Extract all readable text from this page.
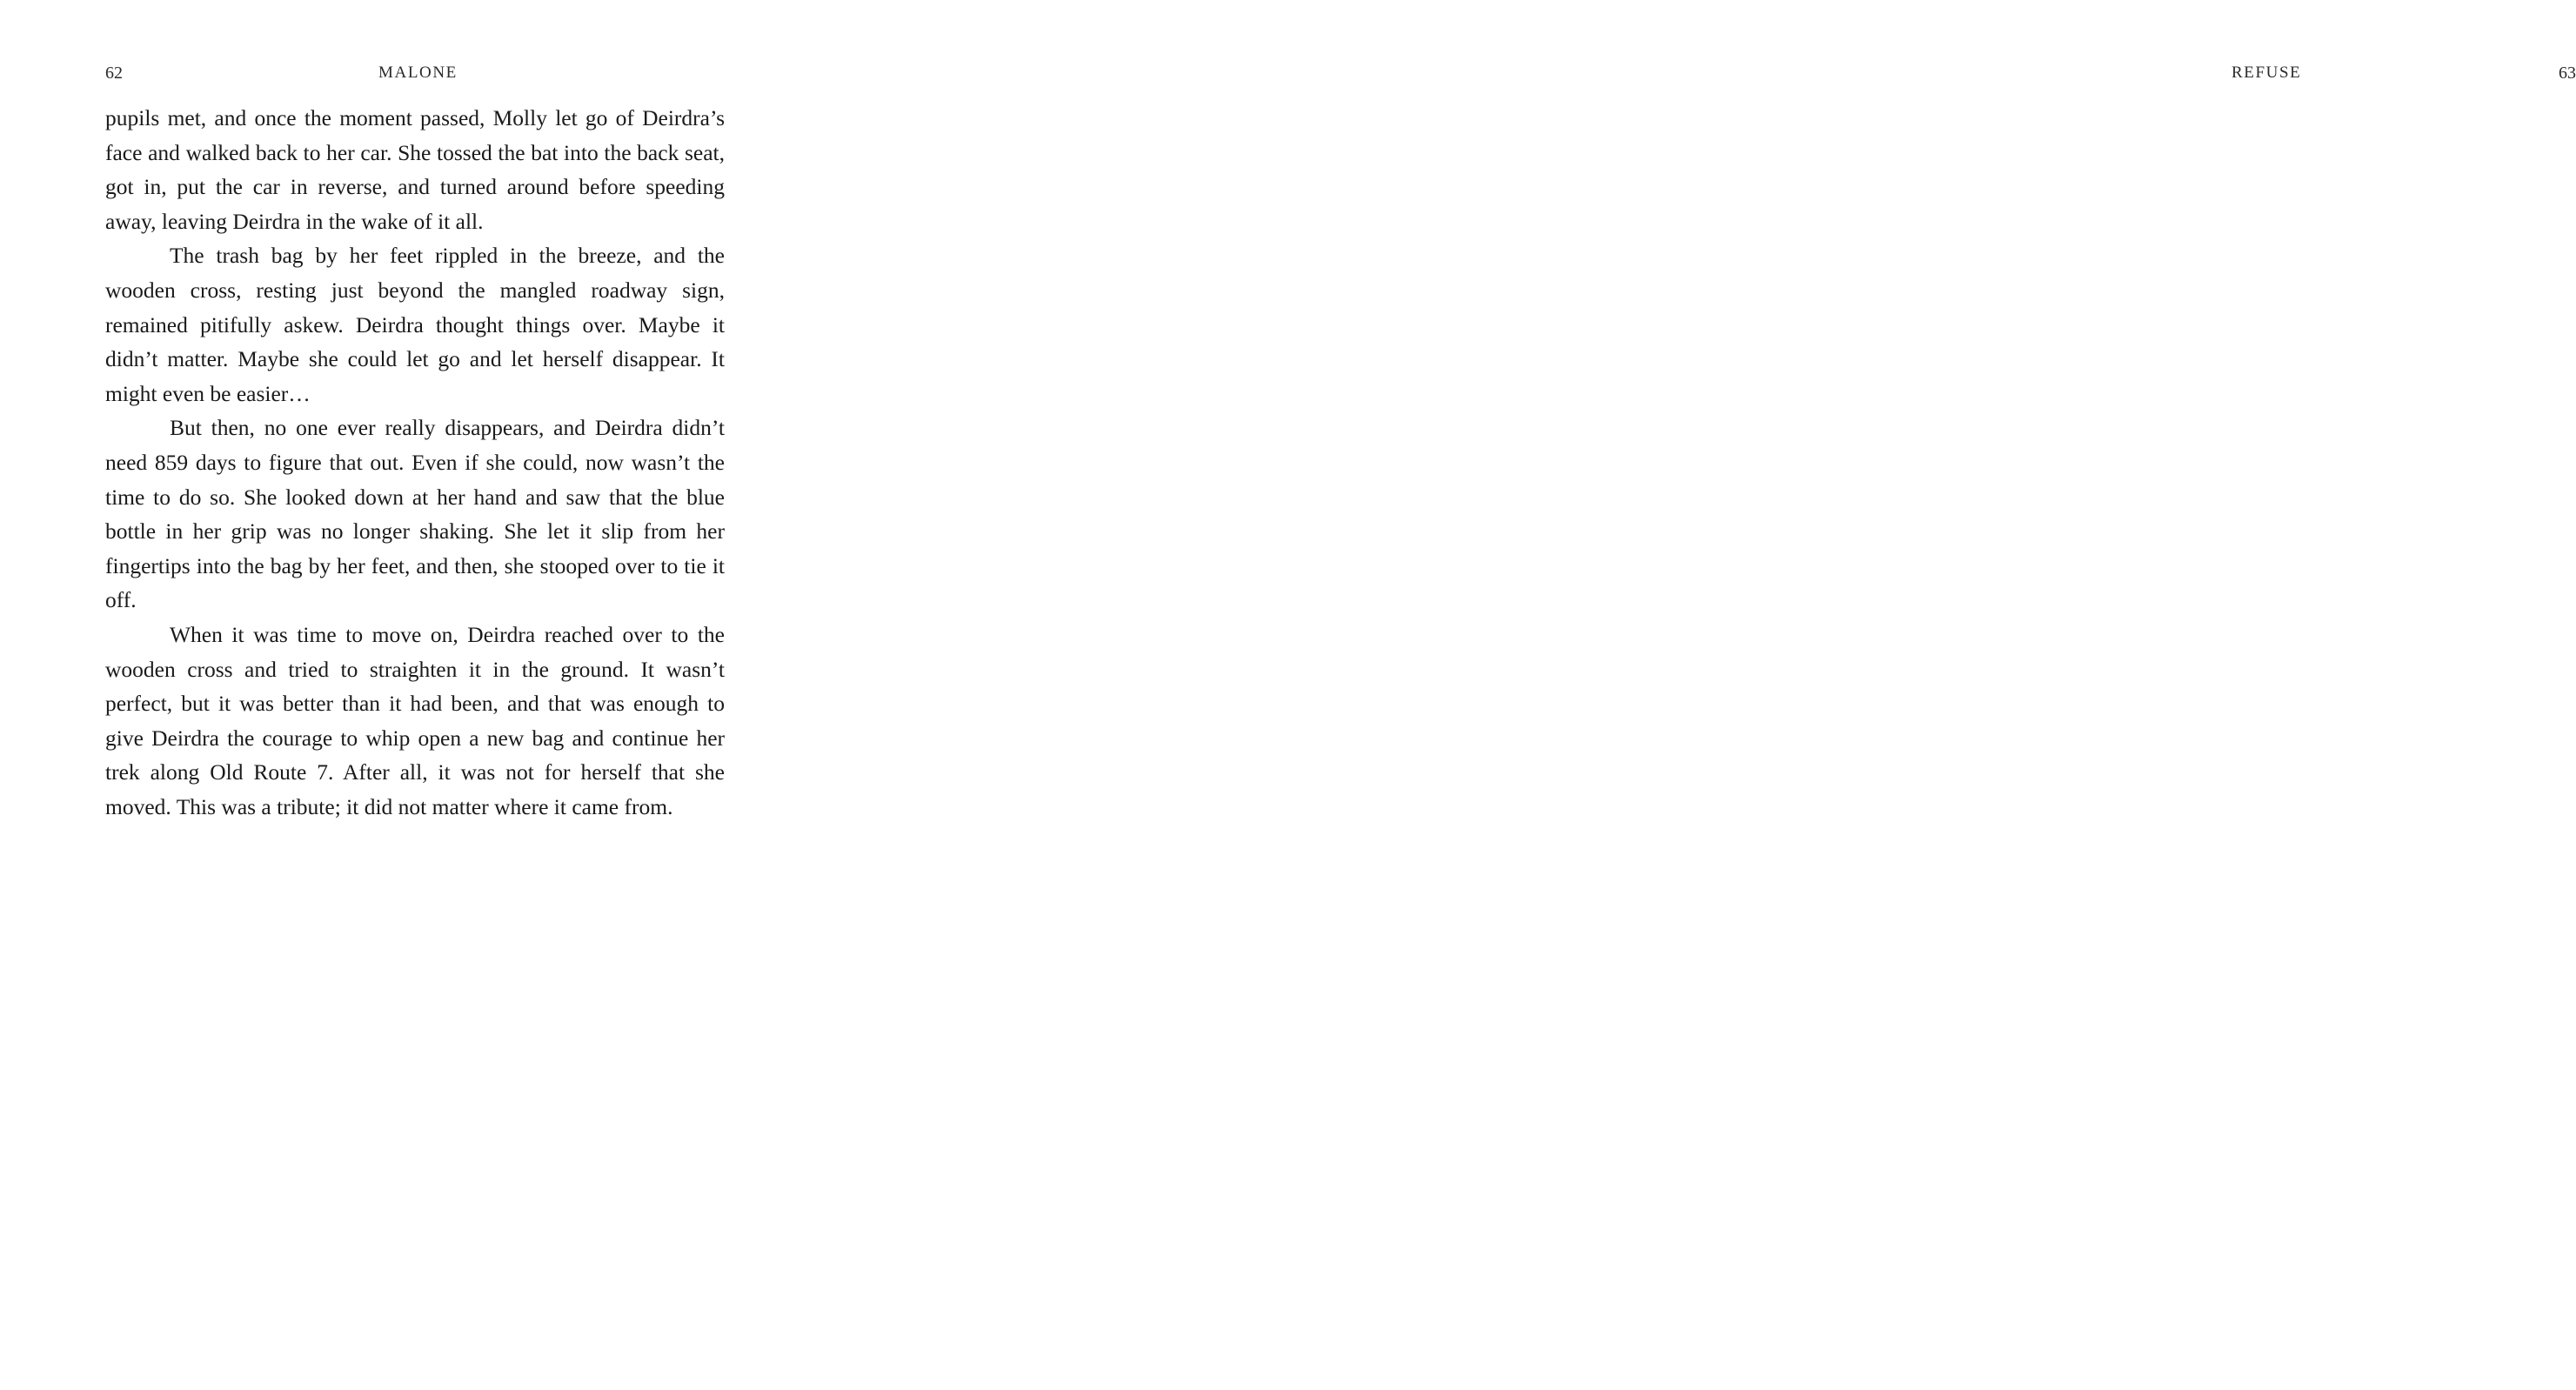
62	MALONE

pupils met, and once the moment passed, Molly let go of Deirdra’s face and walked back to her car. She tossed the bat into the back seat, got in, put the car in reverse, and turned around before speeding away, leaving Deirdra in the wake of it all.

The trash bag by her feet rippled in the breeze, and the wooden cross, resting just beyond the mangled roadway sign, remained pitifully askew. Deirdra thought things over. Maybe it didn’t matter. Maybe she could let go and let herself disappear. It might even be easier…

But then, no one ever really disappears, and Deirdra didn’t need 859 days to figure that out. Even if she could, now wasn’t the time to do so. She looked down at her hand and saw that the blue bottle in her grip was no longer shaking. She let it slip from her fingertips into the bag by her feet, and then, she stooped over to tie it off.

When it was time to move on, Deirdra reached over to the wooden cross and tried to straighten it in the ground. It wasn’t perfect, but it was better than it had been, and that was enough to give Deirdra the courage to whip open a new bag and continue her trek along Old Route 7. After all, it was not for herself that she moved. This was a tribute; it did not matter where it came from.

REFUSE	63
